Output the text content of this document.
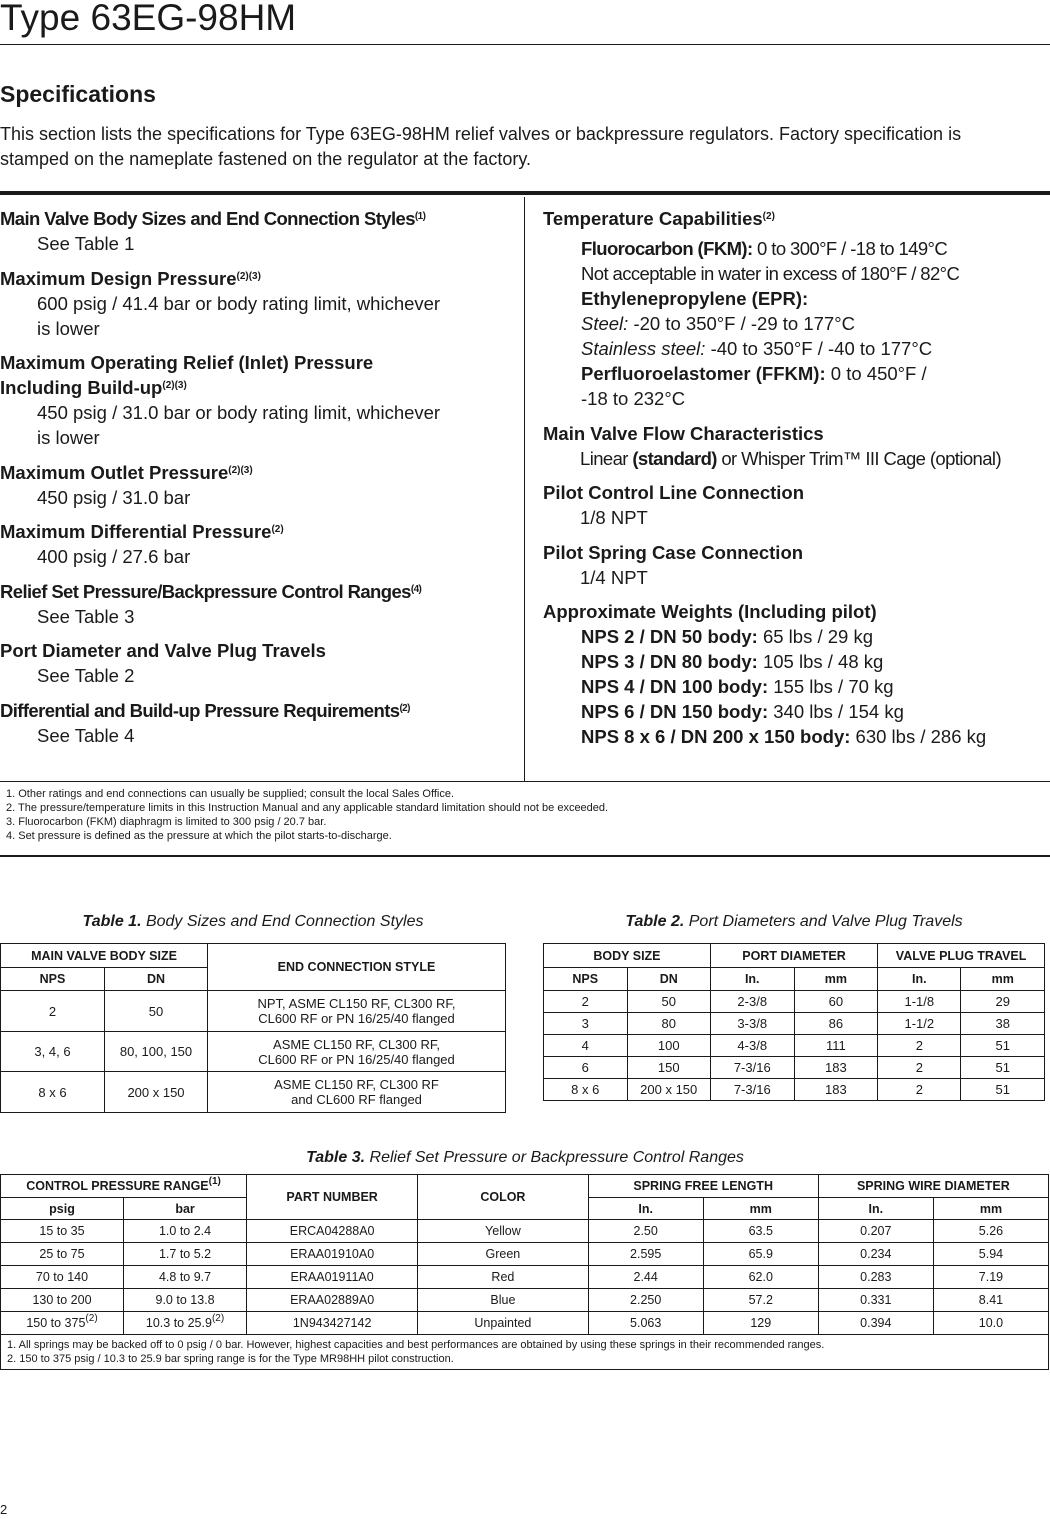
Type 63EG-98HM
Specifications
This section lists the specifications for Type 63EG-98HM relief valves or backpressure regulators. Factory specification is stamped on the nameplate fastened on the regulator at the factory.
Main Valve Body Sizes and End Connection Styles$^{(1)}$
See Table 1
Maximum Design Pressure$^{(2)(3)}$
600 psig / 41.4 bar or body rating limit, whichever
is lower
Maximum Operating Relief (Inlet) Pressure
Including Build-$up^{(2)(3)}$
450 psig / 31.0 bar or body rating limit, whichever
is lower
Maximum Outlet Pressure$^{(2)(3)}$
450 psig / 31.0 bar
Maximum Differential Pressure$^{(2)}$
400 psig / 27.6 bar
Relief Set Pressure/Backpressure Control Ranges$^{(4)}$
See Table 3
Port Diameter and Valve Plug Travels
See Table 2
Differential and Build-up Pressure Requirements$^{(2)}$
See Table 4
Temperature Capabilities$^{(2)}$
Fluorocarbon (FKM): 0 to 300°F / -18 to 149°C
Not acceptable in water in excess of 180°F / 82°C
Ethylenepropylene (EPR):
Steel: -20 to 350°F / -29 to 177°C
Stainless steel: -40 to 350°F / -40 to 177°C
Perfluoroelastomer (FFKM): 0 to 450°F /
-18 to 232°C
Main Valve Flow Characteristics
Linear (standard) or Whisper Trim™ III Cage (optional)
Pilot Control Line Connection
1/8 NPT
Pilot Spring Case Connection
1/4 NPT
Approximate Weights (Including pilot)
NPS 2 / DN 50 body: 65 lbs / 29 kg
NPS 3 / DN 80 body: 105 lbs / 48 kg
NPS 4 / DN 100 body: 155 lbs / 70 kg
NPS 6 / DN 150 body: 340 lbs / 154 kg
NPS 8 x 6 / DN 200 x 150 body: 630 lbs / 286 kg
1. Other ratings and end connections can usually be supplied; consult the local Sales Office.
2. The pressure/temperature limits in this Instruction Manual and any applicable standard limitation should not be exceeded.
3. Fluorocarbon (FKM) diaphragm is limited to 300 psig / 20.7 bar.
4. Set pressure is defined as the pressure at which the pilot starts-to-discharge.
Table 1. Body Sizes and End Connection Styles
MAIN VALVE BODY SIZE		END CONNECTION STYLE
NPS	DN	
2	50	NPT, ASME CL150 RF, CL300 RF,
CL600 RF or PN 16/25/40 flanged

3, 4, 6	80, 100, 150	ASME CL150 RF, CL300 RF,
CL600 RF or PN 16/25/40 flanged

8 x 6	200 x 150	ASME CL150 RF, CL300 RF
and CL600 RF flanged
Table 2. Port Diameters and Valve Plug Travels
BODY SIZE		PORT DIAMETER		VALVE PLUG TRAVEL	
NPS	DN	In.	mm	In.	mm
2	50	2-3/8	60	1-1/8	29
3	80	3-3/8	86	1-1/2	38
4	100	4-3/8	111	2	51
6	150	7-3/16	183	2	51
8 x 6	200 x 150	7-3/16	183	2	51
Table 3. Relief Set Pressure or Backpressure Control Ranges
CONTROL PRESSURE RANGE$^{(1)}$		PART NUMBER	COLOR	SPRING FREE LENGTH		SPRING WIRE DIAMETER	
psig	bar			In.	mm	In.	mm
15 to 35	1.0 to 2.4	ERCA04288A0	Yellow	2.50	63.5	0.207	5.26
25 to 75	1.7 to 5.2	ERAA01910A0	Green	2.595	65.9	0.234	5.94
70 to 140	4.8 to 9.7	ERAA01911A0	Red	2.44	62.0	0.283	7.19
130 to 200	9.0 to 13.8	ERAA02889A0	Blue	2.250	57.2	0.331	8.41
150 to 375$^{(2)}$	10.3 to 25.9$^{(2)}$	1N943427142	Unpainted	5.063	129	0.394	10.0

1. All springs may be backed off to 0 psig / 0 bar. However, highest capacities and best performances are obtained by using these springs in their recommended ranges.
2. 150 to 375 psig / 10.3 to 25.9 bar spring range is for the Type MR98HH pilot construction.							
2
